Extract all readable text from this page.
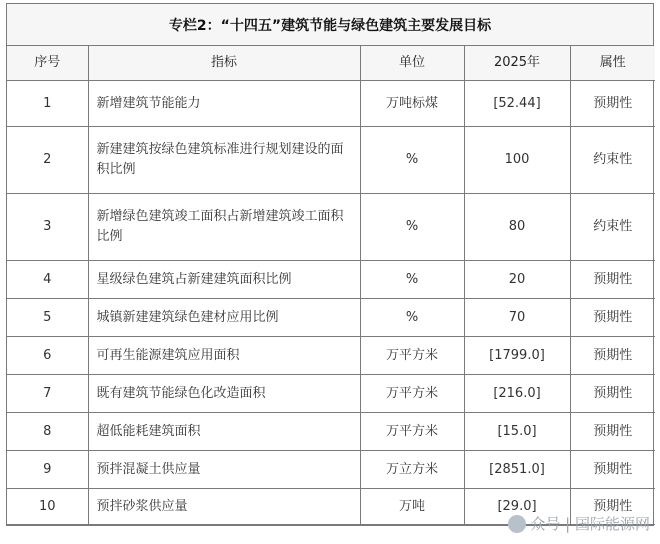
专栏2：“十四五”建筑节能与绿色建筑主要发展目标
序号	指标	单位	2025年	属性
1	新增建筑节能能力	万吨标煤	[52.44]	预期性
2	新建建筑按绿色建筑标准进行规划建设的面积比例	%	100	约束性
3	新增绿色建筑竣工面积占新增建筑竣工面积比例	%	80	约束性
4	星级绿色建筑占新建建筑面积比例	%	20	预期性
5	城镇新建建筑绿色建材应用比例	%	70	预期性
6	可再生能源建筑应用面积	万平方米	[1799.0]	预期性
7	既有建筑节能绿色化改造面积	万平方米	[216.0]	预期性
8	超低能耗建筑面积	万平方米	[15.0]	预期性
9	预拌混凝土供应量	万立方米	[2851.0]	预期性
10	预拌砂浆供应量	万吨	[29.0]	预期性
众号 | 国际能源网
